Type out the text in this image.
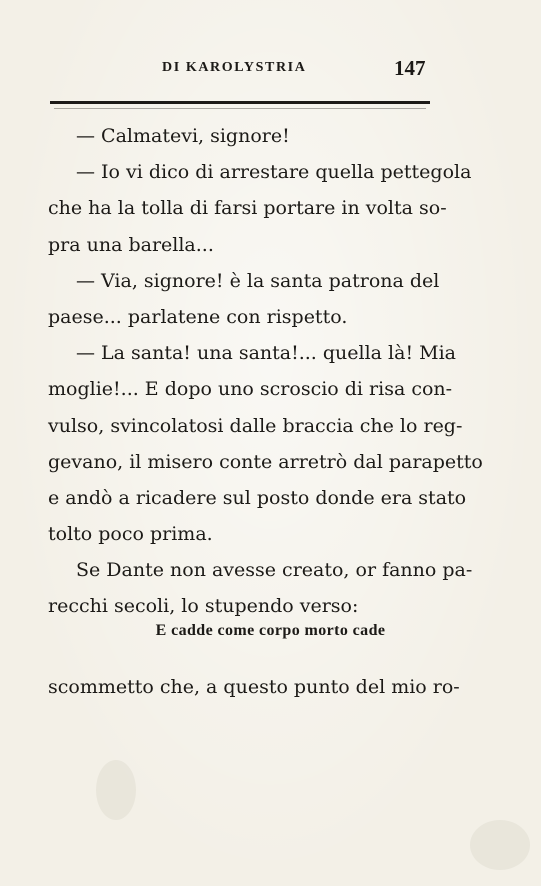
DI KAROLYSTRIA	147
— Calmatevi, signore!
— Io vi dico di arrestare quella pettegola
che ha la tolla di farsi portare in volta so-
pra una barella...
— Via, signore! è la santa patrona del
paese... parlatene con rispetto.
— La santa! una santa!... quella là! Mia
moglie!... E dopo uno scroscio di risa con-
vulso, svincolatosi dalle braccia che lo reg-
gevano, il misero conte arretrò dal parapetto
e andò a ricadere sul posto donde era stato
tolto poco prima.
Se Dante non avesse creato, or fanno pa-
recchi secoli, lo stupendo verso:
E cadde come corpo morto cade
scommetto che, a questo punto del mio ro-
